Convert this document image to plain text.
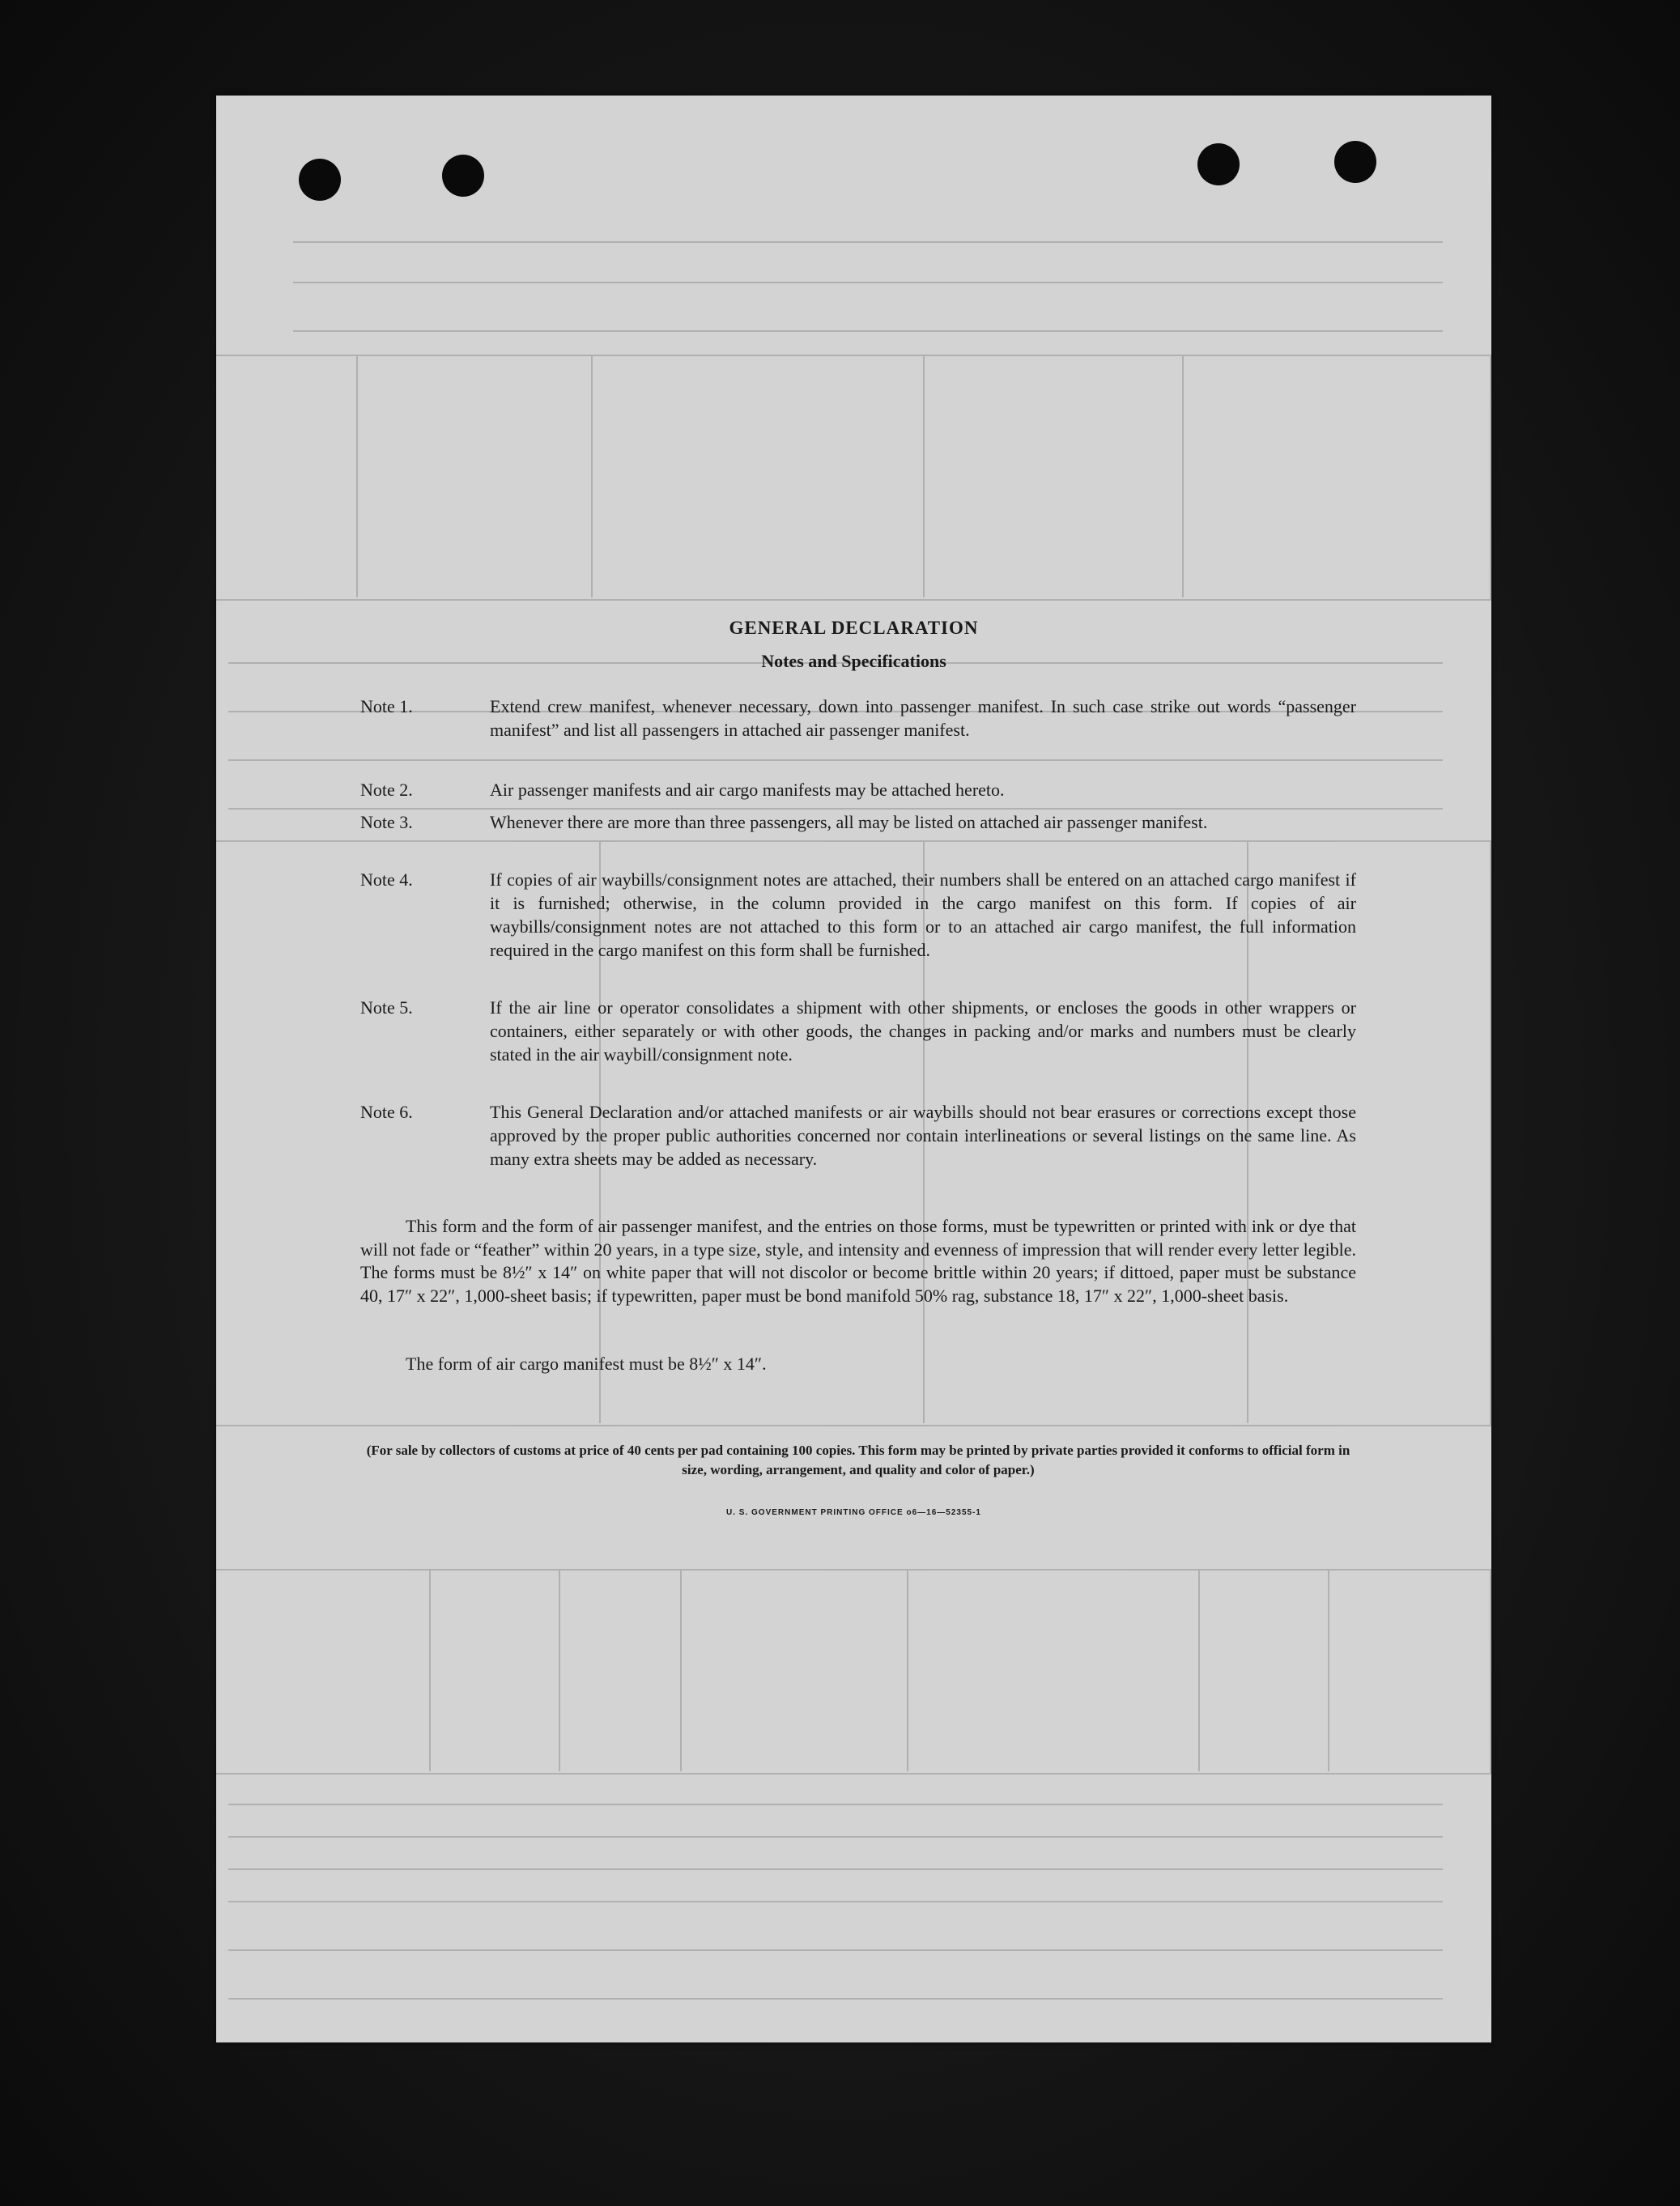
GENERAL DECLARATION
Notes and Specifications
Note 1.	Extend crew manifest, whenever necessary, down into passenger manifest. In such case strike out words “passenger manifest” and list all passengers in attached air passenger manifest.
Note 2.	Air passenger manifests and air cargo manifests may be attached hereto.
Note 3.	Whenever there are more than three passengers, all may be listed on attached air passenger manifest.
Note 4.	If copies of air waybills/consignment notes are attached, their numbers shall be entered on an attached cargo manifest if it is furnished; otherwise, in the column provided in the cargo manifest on this form. If copies of air waybills/consignment notes are not attached to this form or to an attached air cargo manifest, the full information required in the cargo manifest on this form shall be furnished.
Note 5.	If the air line or operator consolidates a shipment with other shipments, or encloses the goods in other wrappers or containers, either separately or with other goods, the changes in packing and/or marks and numbers must be clearly stated in the air waybill/consignment note.
Note 6.	This General Declaration and/or attached manifests or air waybills should not bear erasures or corrections except those approved by the proper public authorities concerned nor contain interlineations or several listings on the same line. As many extra sheets may be added as necessary.
This form and the form of air passenger manifest, and the entries on those forms, must be typewritten or printed with ink or dye that will not fade or “feather” within 20 years, in a type size, style, and intensity and evenness of impression that will render every letter legible. The forms must be 8½″ x 14″ on white paper that will not discolor or become brittle within 20 years; if dittoed, paper must be substance 40, 17″ x 22″, 1,000-sheet basis; if typewritten, paper must be bond manifold 50% rag, substance 18, 17″ x 22″, 1,000-sheet basis.
The form of air cargo manifest must be 8½″ x 14″.
(For sale by collectors of customs at price of 40 cents per pad containing 100 copies. This form may be printed by private parties provided it conforms to official form in size, wording, arrangement, and quality and color of paper.)
U. S. GOVERNMENT PRINTING OFFICE o6—16—52355-1
